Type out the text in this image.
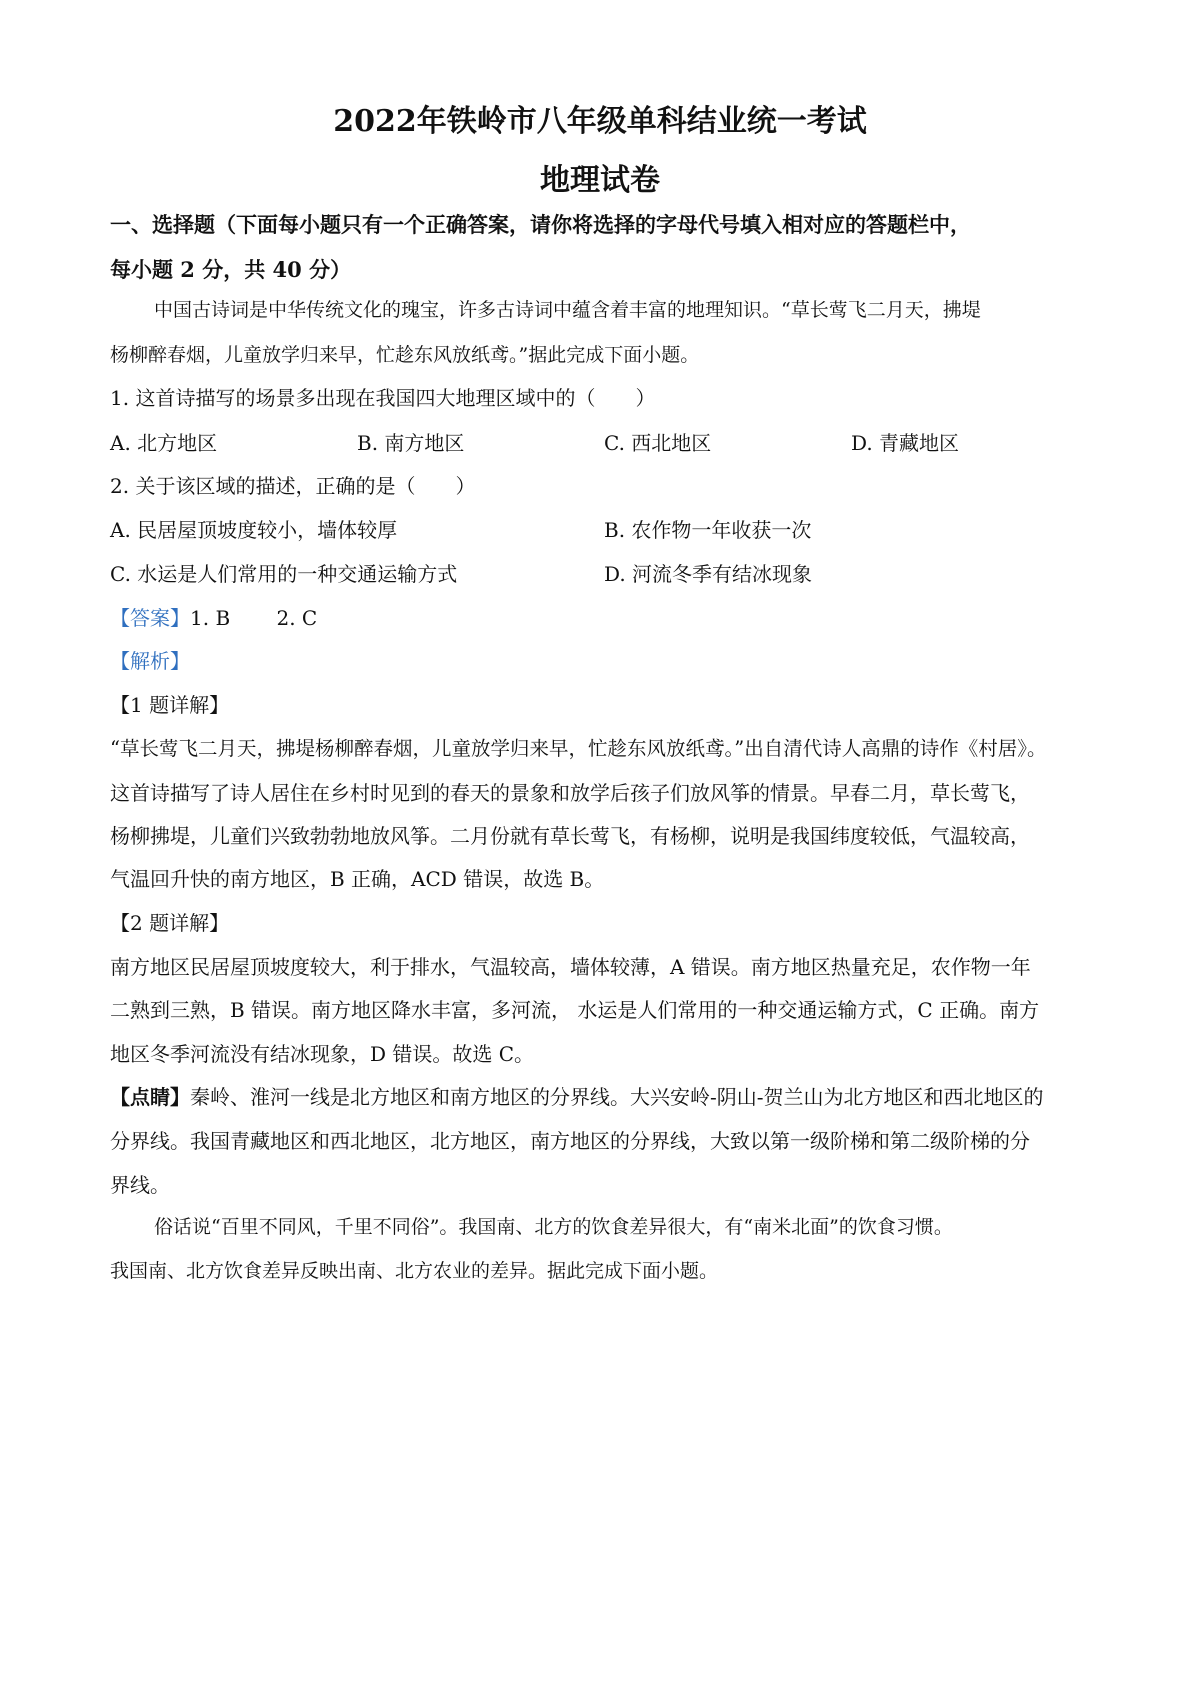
2022年铁岭市八年级单科结业统一考试
地理试卷
一、选择题（下面每小题只有一个正确答案，请你将选择的字母代号填入相对应的答题栏中，
每小题 2 分，共 40 分）
中国古诗词是中华传统文化的瑰宝，许多古诗词中蕴含着丰富的地理知识。“草长莺飞二月天，拂堤
杨柳醉春烟，儿童放学归来早，忙趁东风放纸鸢。”据此完成下面小题。
1. 这首诗描写的场景多出现在我国四大地理区域中的（　　）
A. 北方地区	B. 南方地区	C. 西北地区	D. 青藏地区
2. 关于该区域的描述，正确的是（　　）
A. 民居屋顶坡度较小，墙体较厚	B. 农作物一年收获一次
C. 水运是人们常用的一种交通运输方式	D. 河流冬季有结冰现象
【答案】1. B　　 2. C
【解析】
【1 题详解】
“草长莺飞二月天，拂堤杨柳醉春烟，儿童放学归来早，忙趁东风放纸鸢。”出自清代诗人高鼎的诗作《村居》。
这首诗描写了诗人居住在乡村时见到的春天的景象和放学后孩子们放风筝的情景。早春二月，草长莺飞，
杨柳拂堤，儿童们兴致勃勃地放风筝。二月份就有草长莺飞，有杨柳，说明是我国纬度较低，气温较高，
气温回升快的南方地区，B 正确，ACD 错误，故选 B。
【2 题详解】
南方地区民居屋顶坡度较大，利于排水，气温较高，墙体较薄，A 错误。南方地区热量充足，农作物一年
二熟到三熟，B 错误。南方地区降水丰富，多河流， 水运是人们常用的一种交通运输方式，C 正确。南方
地区冬季河流没有结冰现象，D 错误。故选 C。
【点睛】秦岭、淮河一线是北方地区和南方地区的分界线。大兴安岭-阴山-贺兰山为北方地区和西北地区的
分界线。我国青藏地区和西北地区，北方地区，南方地区的分界线，大致以第一级阶梯和第二级阶梯的分
界线。
俗话说“百里不同风，千里不同俗”。我国南、北方的饮食差异很大，有“南米北面”的饮食习惯。
我国南、北方饮食差异反映出南、北方农业的差异。据此完成下面小题。
